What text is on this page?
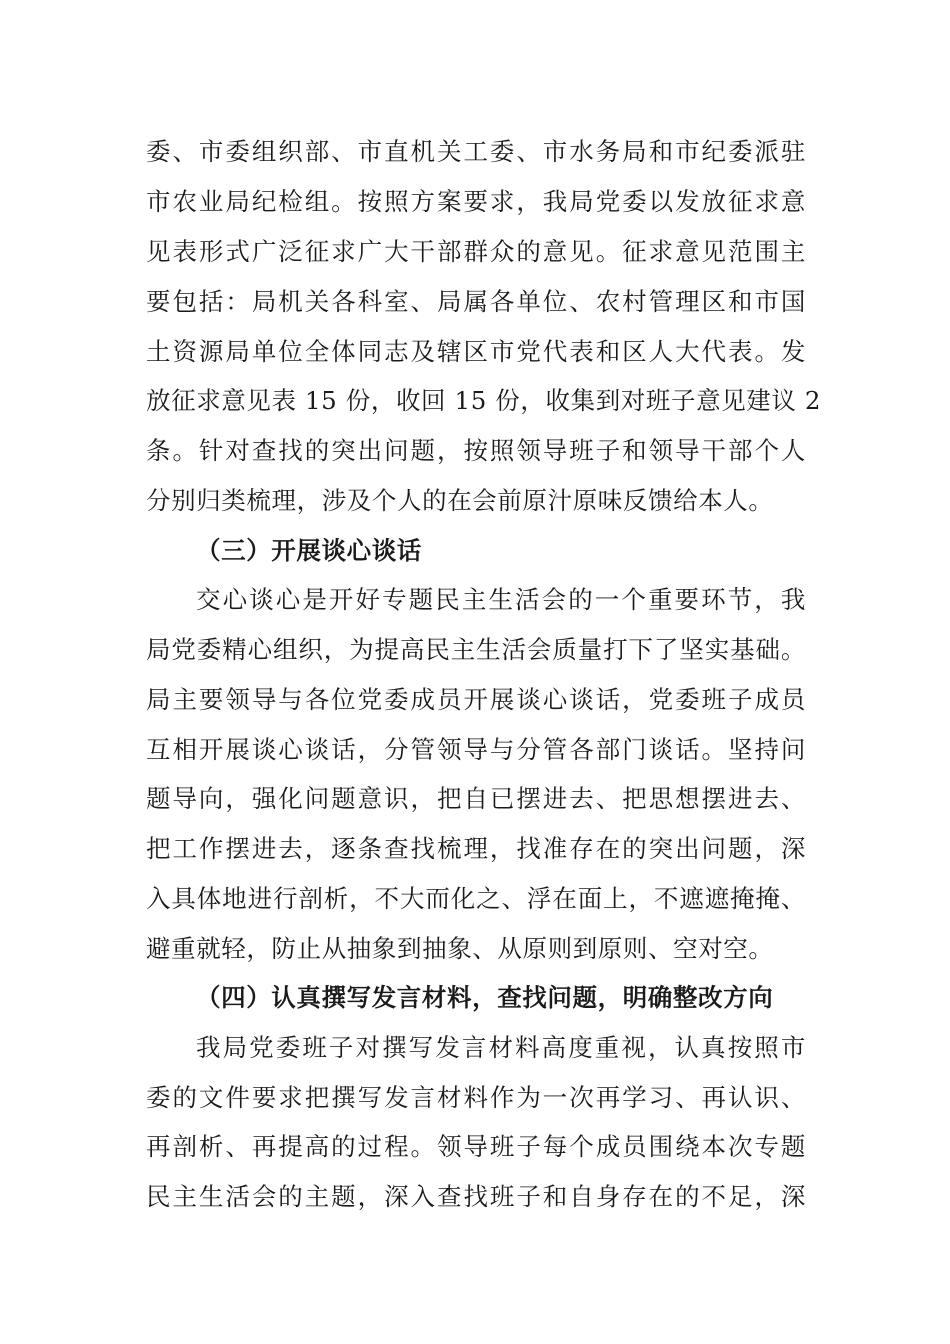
委、市委组织部、市直机关工委、市水务局和市纪委派驻
市农业局纪检组。按照方案要求，我局党委以发放征求意
见表形式广泛征求广大干部群众的意见。征求意见范围主
要包括：局机关各科室、局属各单位、农村管理区和市国
土资源局单位全体同志及辖区市党代表和区人大代表。发
放征求意见表 15 份，收回 15 份，收集到对班子意见建议 2
条。针对查找的突出问题，按照领导班子和领导干部个人
分别归类梳理，涉及个人的在会前原汁原味反馈给本人。
（三）开展谈心谈话
交心谈心是开好专题民主生活会的一个重要环节，我
局党委精心组织，为提高民主生活会质量打下了坚实基础。
局主要领导与各位党委成员开展谈心谈话，党委班子成员
互相开展谈心谈话，分管领导与分管各部门谈话。坚持问
题导向，强化问题意识，把自已摆进去、把思想摆进去、
把工作摆进去，逐条查找梳理，找准存在的突出问题，深
入具体地进行剖析，不大而化之、浮在面上，不遮遮掩掩、
避重就轻，防止从抽象到抽象、从原则到原则、空对空。
（四）认真撰写发言材料，查找问题，明确整改方向
我局党委班子对撰写发言材料高度重视，认真按照市
委的文件要求把撰写发言材料作为一次再学习、再认识、
再剖析、再提高的过程。领导班子每个成员围绕本次专题
民主生活会的主题，深入查找班子和自身存在的不足，深
